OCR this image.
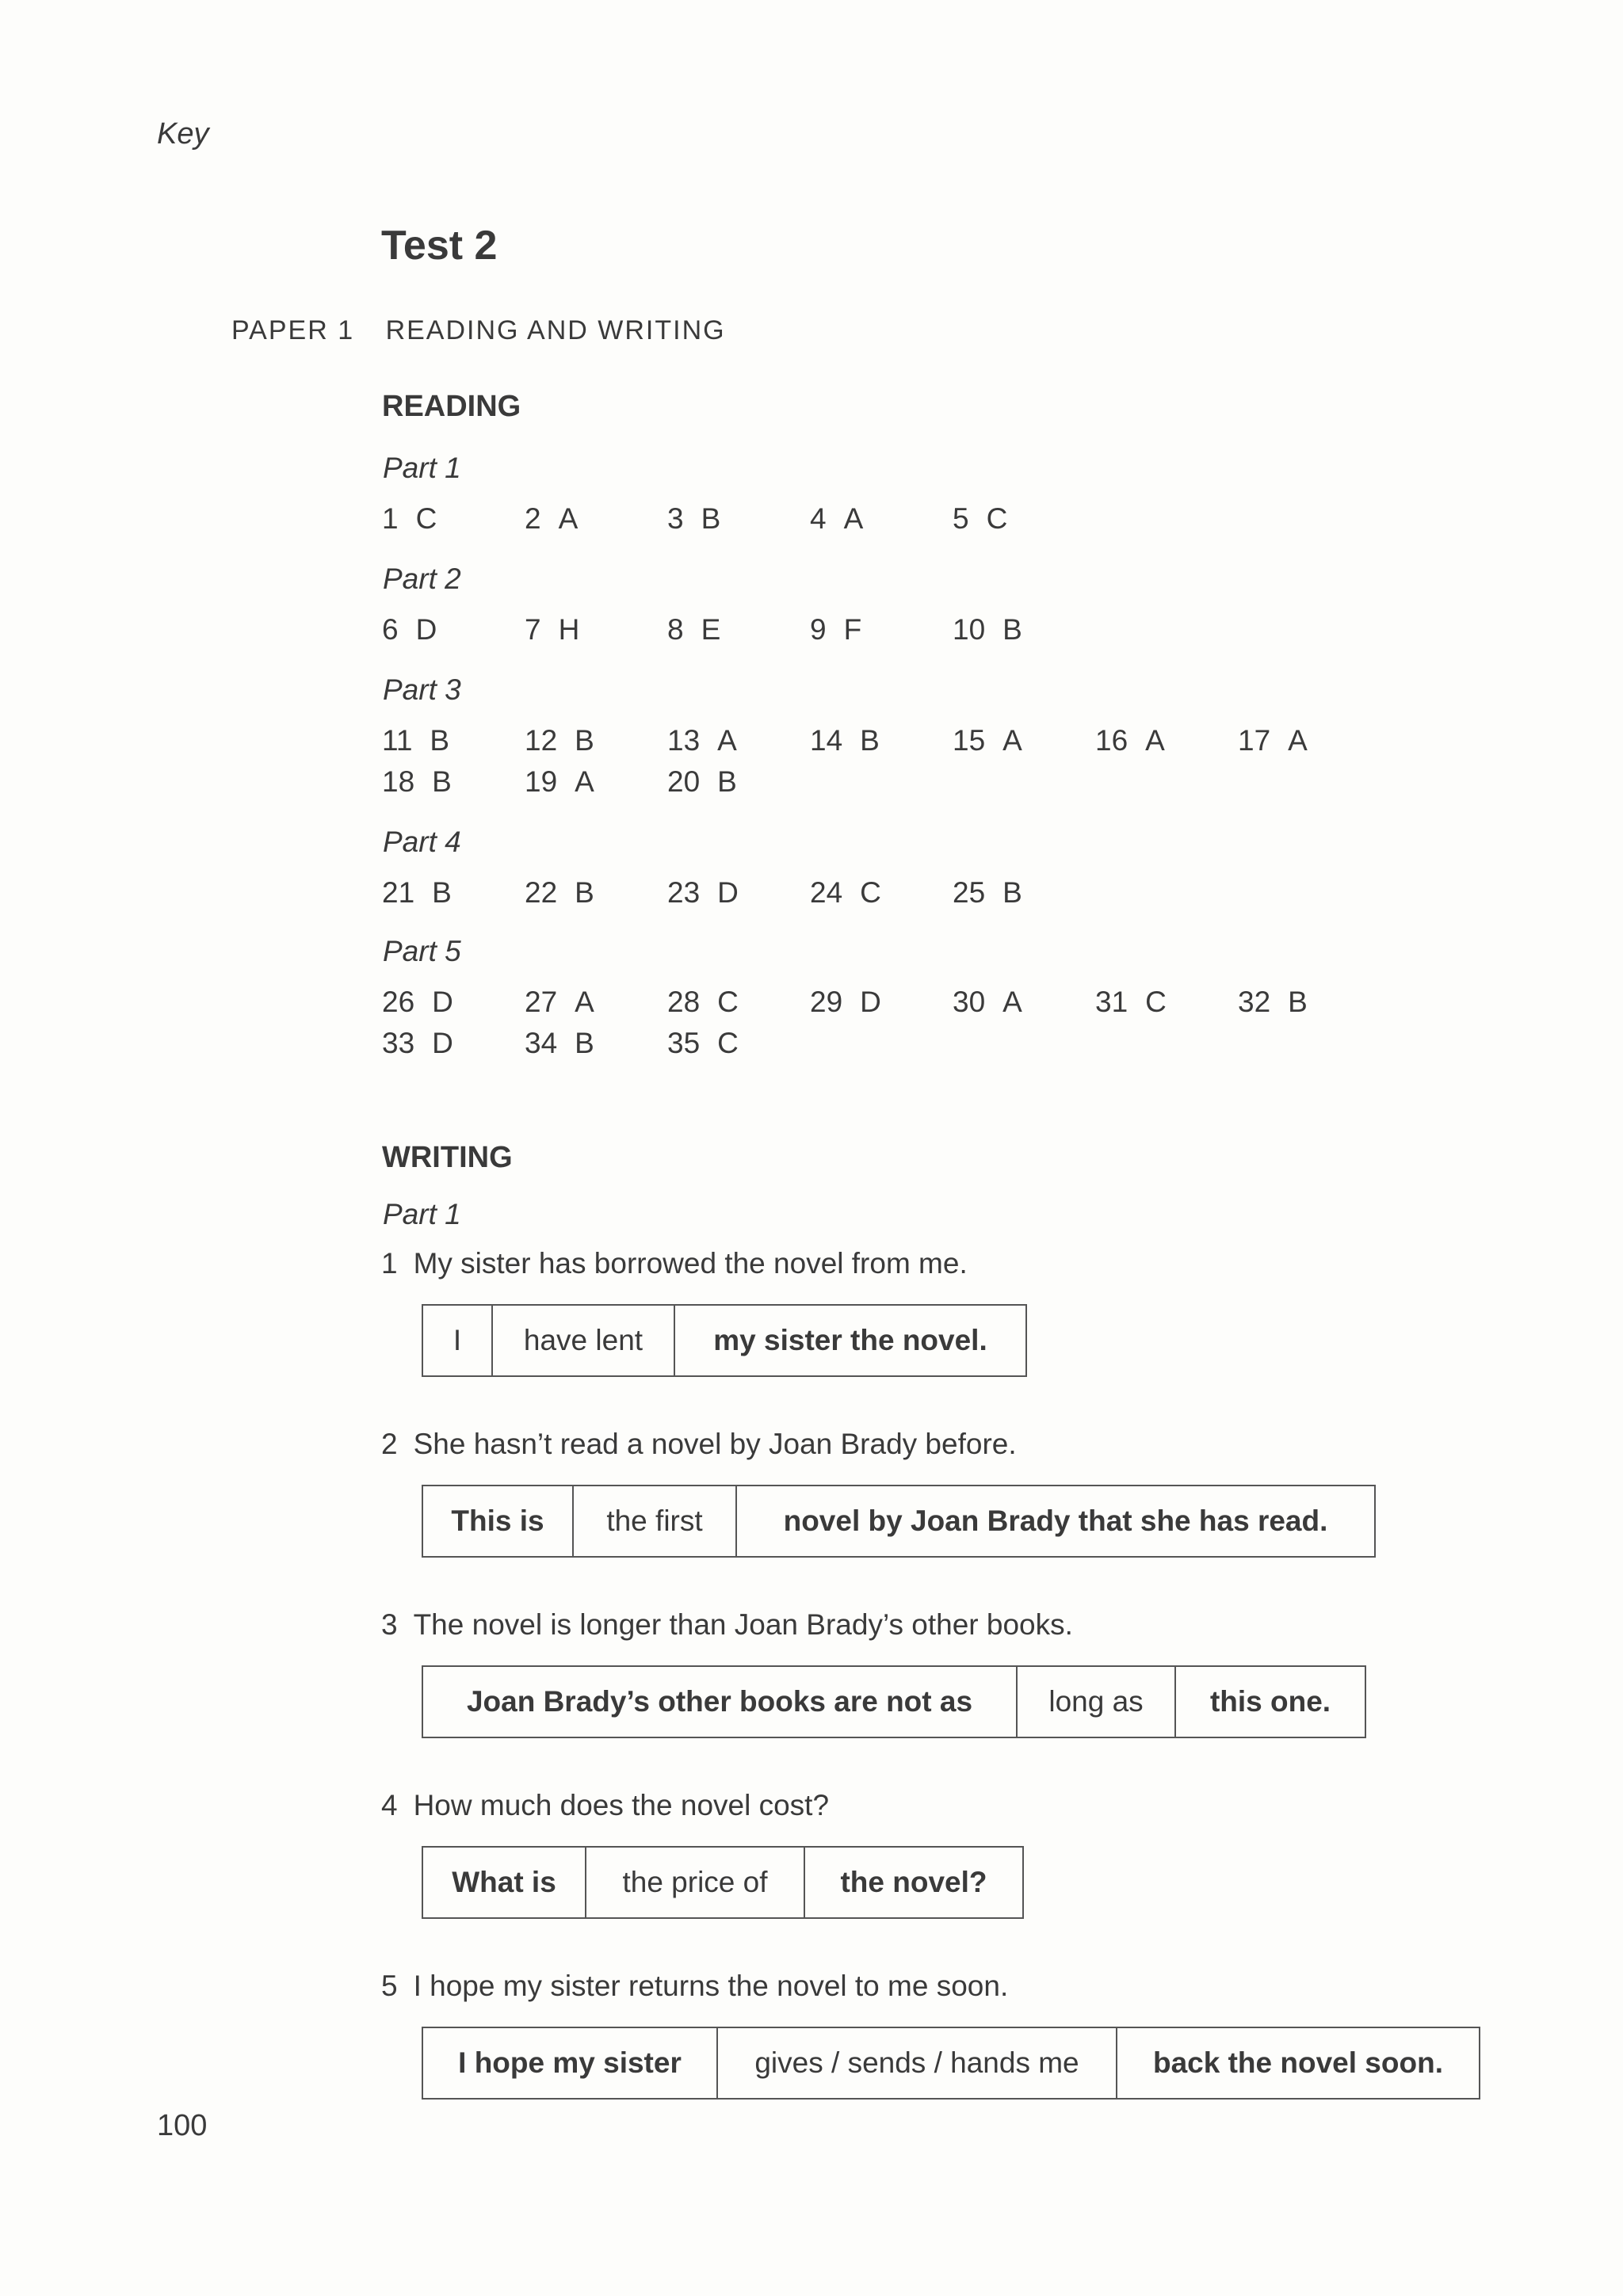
Key
Test 2
PAPER 1 READING AND WRITING
READING
Part 1
1 C	2 A	3 B	4 A	5 C
Part 2
6 D	7 H	8 E	9 F	10 B
Part 3
11 B	12 B 13 A 14 B 15 A 16 A 17 A
18 B 19 A 20 B
Part 4
21 B 22 B 23 D 24 C 25 B
Part 5
26 D 27 A 28 C 29 D 30 A 31 C 32 B
33 D 34 B 35 C
WRITING
Part 1
1 My sister has borrowed the novel from me.
I	have lent	my sister the novel.
2 She hasn’t read a novel by Joan Brady before.
This is	the first	novel by Joan Brady that she has read.
3 The novel is longer than Joan Brady’s other books.
Joan Brady’s other books are not as	long as	this one.
4 How much does the novel cost?
What is	the price of	the novel?
5 I hope my sister returns the novel to me soon.
I hope my sister	gives / sends / hands me	back the novel soon.
100
